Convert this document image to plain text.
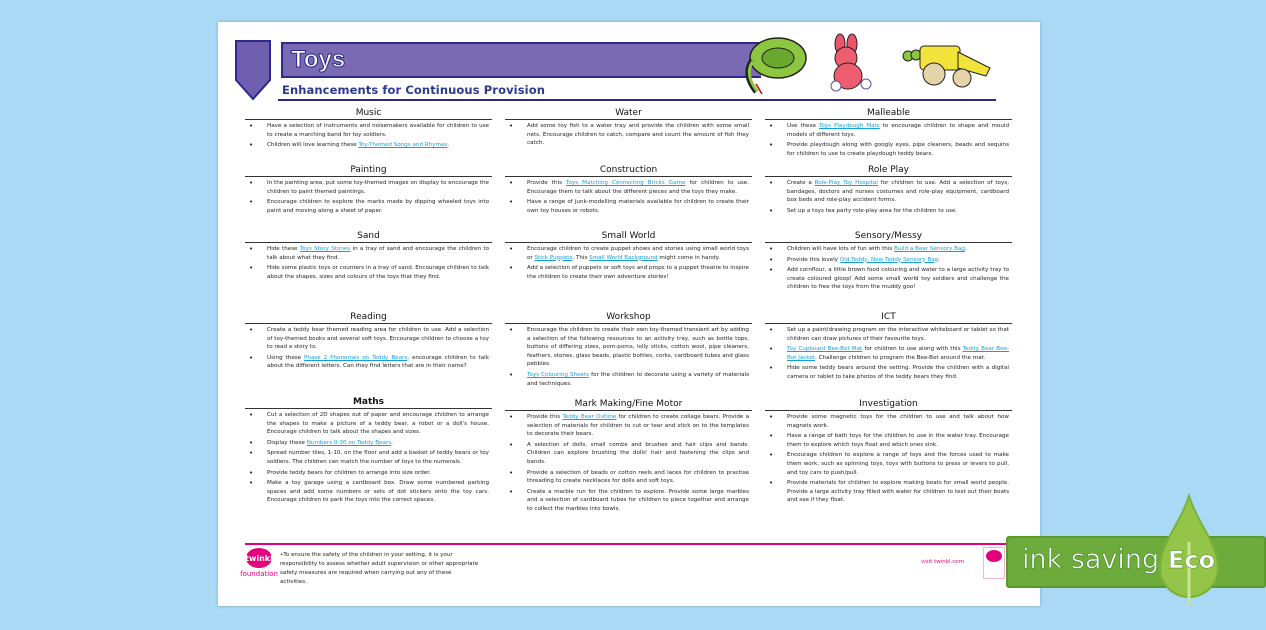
Toys
Enhancements for Continuous Provision
Music
• Have a selection of instruments and noisemakers available for children to use to create a marching band for toy soldiers.
• Children will love learning these Toy-Themed Songs and Rhymes.
Painting
• In the painting area, put some toy-themed images on display to encourage the children to paint themed paintings.
• Encourage children to explore the marks made by dipping wheeled toys into paint and moving along a sheet of paper.
Sand
• Hide these Toys Story Stones in a tray of sand and encourage the children to talk about what they find.
• Hide some plastic toys or counters in a tray of sand. Encourage children to talk about the shapes, sizes and colours of the toys that they find.
Reading
• Create a teddy bear themed reading area for children to use. Add a selection of toy-themed books and several soft toys. Encourage children to choose a toy to read a story to.
• Using these Phase 2 Phonemes on Teddy Bears, encourage children to talk about the different letters. Can they find letters that are in their name?
Maths
• Cut a selection of 2D shapes out of paper and encourage children to arrange the shapes to make a picture of a teddy bear, a robot or a doll's house. Encourage children to talk about the shapes and sizes.
• Display these Numbers 0-30 on Teddy Bears.
• Spread number tiles, 1-10, on the floor and add a basket of teddy bears or toy soldiers. The children can match the number of toys to the numerals.
• Provide teddy bears for children to arrange into size order.
• Make a toy garage using a cardboard box. Draw some numbered parking spaces and add some numbers or sets of dot stickers onto the toy cars. Encourage children to park the toys into the correct spaces.
Water
• Add some toy fish to a water tray and provide the children with some small nets. Encourage children to catch, compare and count the amount of fish they catch.
Construction
• Provide this Toys Matching Connecting Bricks Game for children to use. Encourage them to talk about the different pieces and the toys they make.
• Have a range of junk-modelling materials available for children to create their own toy houses or robots.
Small World
• Encourage children to create puppet shows and stories using small world toys or Stick Puppets. This Small World Background might come in handy.
• Add a selection of puppets or soft toys and props to a puppet theatre to inspire the children to create their own adventure stories!
Workshop
• Encourage the children to create their own toy-themed transient art by adding a selection of the following resources to an activity tray, such as bottle tops, buttons of differing sizes, pom-poms, lolly sticks, cotton wool, pipe cleaners, feathers, stones, glass beads, plastic bottles, corks, cardboard tubes and glass pebbles.
• Toys Colouring Sheets for the children to decorate using a variety of materials and techniques.
Mark Making/Fine Motor
• Provide this Teddy Bear Outline for children to create collage bears. Provide a selection of materials for children to cut or tear and stick on to the templates to decorate their bears.
• A selection of dolls, small combs and brushes and hair clips and bands. Children can explore brushing the dolls' hair and fastening the clips and bands.
• Provide a selection of beads or cotton reels and laces for children to practise threading to create necklaces for dolls and soft toys.
• Create a marble run for the children to explore. Provide some large marbles and a selection of cardboard tubes for children to piece together and arrange to collect the marbles into bowls.
Malleable
• Use these Toys Playdough Mats to encourage children to shape and mould models of different toys.
• Provide playdough along with googly eyes, pipe cleaners, beads and sequins for children to use to create playdough teddy bears.
Role Play
• Create a Role-Play Toy Hospital for children to use. Add a selection of toys, bandages, doctors and nurses costumes and role-play equipment, cardboard box beds and role-play accident forms.
• Set up a toys tea party role-play area for the children to use.
Sensory/Messy
• Children will have lots of fun with this Build a Bear Sensory Bag.
• Provide this lovely Old Teddy, New Teddy Sensory Bag.
• Add cornflour, a little brown food colouring and water to a large activity tray to create coloured gloop! Add some small world toy soldiers and challenge the children to free the toys from the muddy goo!
ICT
• Set up a paint/drawing program on the interactive whiteboard or tablet so that children can draw pictures of their favourite toys.
• Toy Cupboard Bee-Bot Mat for children to use along with this Teddy Bear Bee-Bot Jacket. Challenge children to program the Bee-Bot around the mat.
• Hide some teddy bears around the setting. Provide the children with a digital camera or tablet to take photos of the teddy bears they find.
Investigation
• Provide some magnetic toys for the children to use and talk about how magnets work.
• Have a range of bath toys for the children to use in the water tray. Encourage them to explore which toys float and which ones sink.
• Encourage children to explore a range of toys and the forces used to make them work, such as spinning toys, toys with buttons to press or levers to pull, and toy cars to push/pull.
• Provide materials for children to explore making boats for small world people. Provide a large activity tray filled with water for children to test out their boats and see if they float.
twinkl
foundation
•To ensure the safety of the children in your setting, it is your responsibility to assess whether adult supervision or other appropriate safety measures are required when carrying out any of these activities.
visit twinkl.com ink saving Eco
